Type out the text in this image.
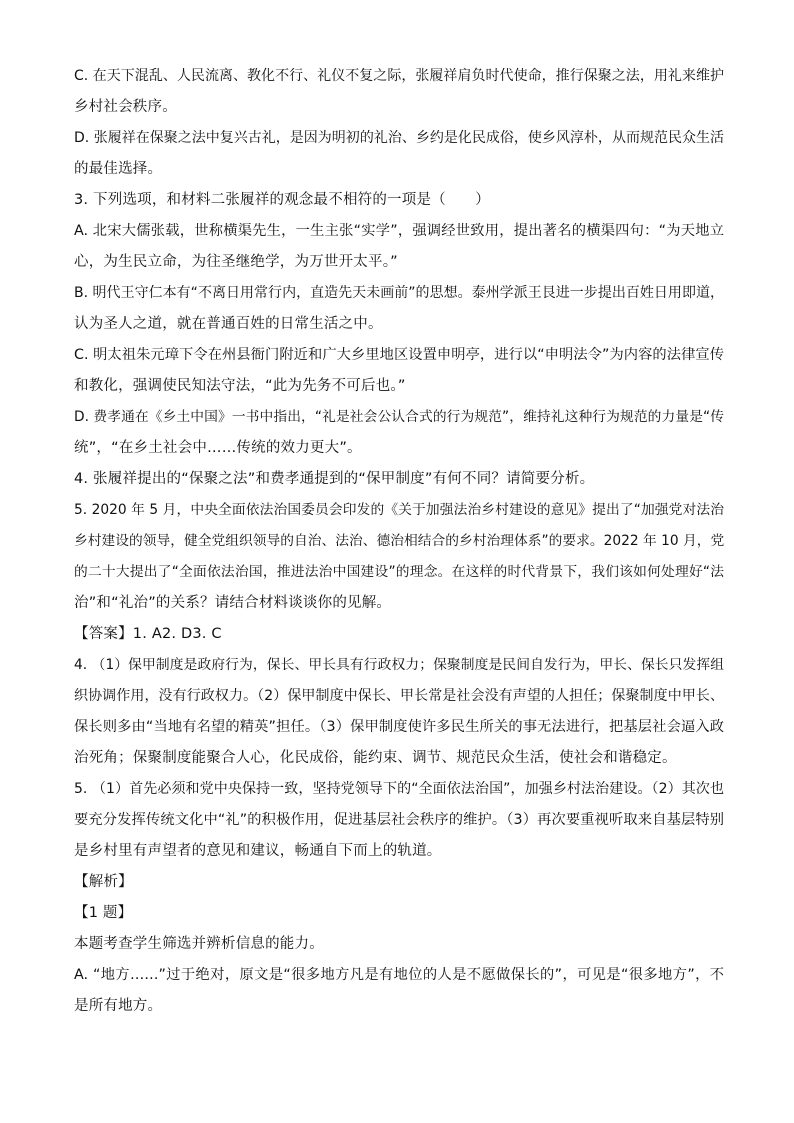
C. 在天下混乱、人民流离、教化不行、礼仪不复之际，张履祥肩负时代使命，推行保聚之法，用礼来维护
乡村社会秩序。
D. 张履祥在保聚之法中复兴古礼，是因为明初的礼治、乡约是化民成俗，使乡风淳朴，从而规范民众生活
的最佳选择。
3. 下列选项，和材料二张履祥的观念最不相符的一项是（　　）
A. 北宋大儒张载，世称横渠先生，一生主张“实学”，强调经世致用，提出著名的横渠四句：“为天地立
心，为生民立命，为往圣继绝学，为万世开太平。”
B. 明代王守仁本有“不离日用常行内，直造先天未画前”的思想。泰州学派王艮进一步提出百姓日用即道，
认为圣人之道，就在普通百姓的日常生活之中。
C. 明太祖朱元璋下令在州县衙门附近和广大乡里地区设置申明亭，进行以“申明法令”为内容的法律宣传
和教化，强调使民知法守法，“此为先务不可后也。”
D. 费孝通在《乡土中国》一书中指出，“礼是社会公认合式的行为规范”，维持礼这种行为规范的力量是“传
统”，“在乡土社会中……传统的效力更大”。
4. 张履祥提出的“保聚之法”和费孝通提到的“保甲制度”有何不同？请简要分析。
5. 2020 年 5 月，中央全面依法治国委员会印发的《关于加强法治乡村建设的意见》提出了“加强党对法治
乡村建设的领导，健全党组织领导的自治、法治、德治相结合的乡村治理体系”的要求。2022 年 10 月，党
的二十大提出了“全面依法治国，推进法治中国建设”的理念。在这样的时代背景下，我们该如何处理好“法
治”和“礼治”的关系？请结合材料谈谈你的见解。
【答案】1. A2. D3. C
4. （1）保甲制度是政府行为，保长、甲长具有行政权力；保聚制度是民间自发行为，甲长、保长只发挥组
织协调作用，没有行政权力。（2）保甲制度中保长、甲长常是社会没有声望的人担任；保聚制度中甲长、
保长则多由“当地有名望的精英”担任。（3）保甲制度使许多民生所关的事无法进行，把基层社会逼入政
治死角；保聚制度能聚合人心，化民成俗，能约束、调节、规范民众生活，使社会和谐稳定。
5. （1）首先必须和党中央保持一致，坚持党领导下的“全面依法治国”，加强乡村法治建设。（2）其次也
要充分发挥传统文化中“礼”的积极作用，促进基层社会秩序的维护。（3）再次要重视听取来自基层特别
是乡村里有声望者的意见和建议，畅通自下而上的轨道。
【解析】
【1 题】
本题考查学生筛选并辨析信息的能力。
A. “地方……”过于绝对，原文是“很多地方凡是有地位的人是不愿做保长的”，可见是“很多地方”，不
是所有地方。
